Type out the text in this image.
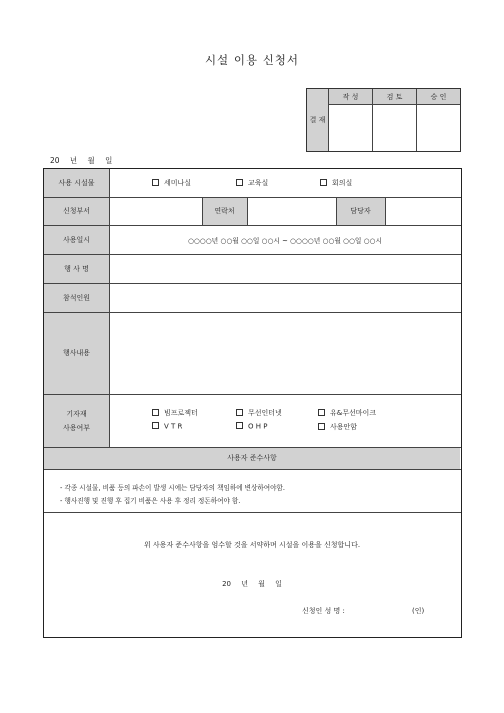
시설 이용 신청서
결 재
작 성	검 토	승 인
20 년 월 일
사용 시설물	세미나실	교육실	회의실
신청부서	연락처	담당자
사용일시	○○○○년 ○○월 ○○일 ○○시 ~ ○○○○년 ○○월 ○○일 ○○시
행 사 명
참석인원
행사내용
기자재
사용여부
빔프로젝터	무선인터넷	유&무선마이크
V T R	O H P	사용안함
사용자 준수사항
- 각종 시설물, 비품 등의 파손이 발생 시에는 담당자의 책임하에 변상하여야함.
- 행사진행 및 진행 후 집기 비품은 사용 후 정리 정돈하여야 함.
위 사용자 준수사항을 엄수할 것을 서약하며 시설을 이용을 신청합니다.
20 년 월 일
신청인 성 명 :	(인)
